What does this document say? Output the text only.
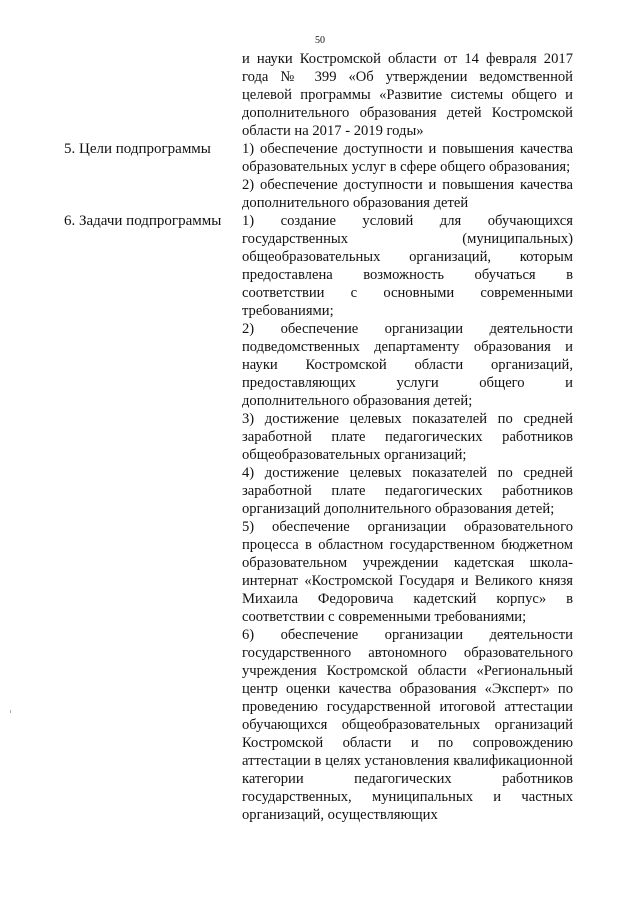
50

и науки Костромской области от 14 февраля 2017 года № 399 «Об утверждении ведомственной целевой программы «Развитие системы общего и дополнительного образования детей Костромской области на 2017 - 2019 годы»

5. Цели подпрограммы	1) обеспечение доступности и повышения качества образовательных услуг в сфере общего образования;

2) обеспечение доступности и повышения качества дополнительного образования детей

6. Задачи подпрограммы	1) создание условий для обучающихся государственных (муниципальных) общеобразовательных организаций, которым предоставлена возможность обучаться в соответствии с основными современными требованиями;

2) обеспечение организации деятельности подведомственных департаменту образования и науки Костромской области организаций, предоставляющих услуги общего и дополнительного образования детей;

3) достижение целевых показателей по средней заработной плате педагогических работников общеобразовательных организаций;

4) достижение целевых показателей по средней заработной плате педагогических работников организаций дополнительного образования детей;

5) обеспечение организации образовательного процесса в областном государственном бюджетном образовательном учреждении кадетская школа-интернат «Костромской Государя и Великого князя Михаила Федоровича кадетский корпус» в соответствии с современными требованиями;

6) обеспечение организации деятельности государственного автономного образовательного учреждения Костромской области «Региональный центр оценки качества образования «Эксперт» по проведению государственной итоговой аттестации обучающихся общеобразовательных организаций Костромской области и по сопровождению аттестации в целях установления квалификационной категории педагогических работников государственных, муниципальных и частных организаций, осуществляющих
